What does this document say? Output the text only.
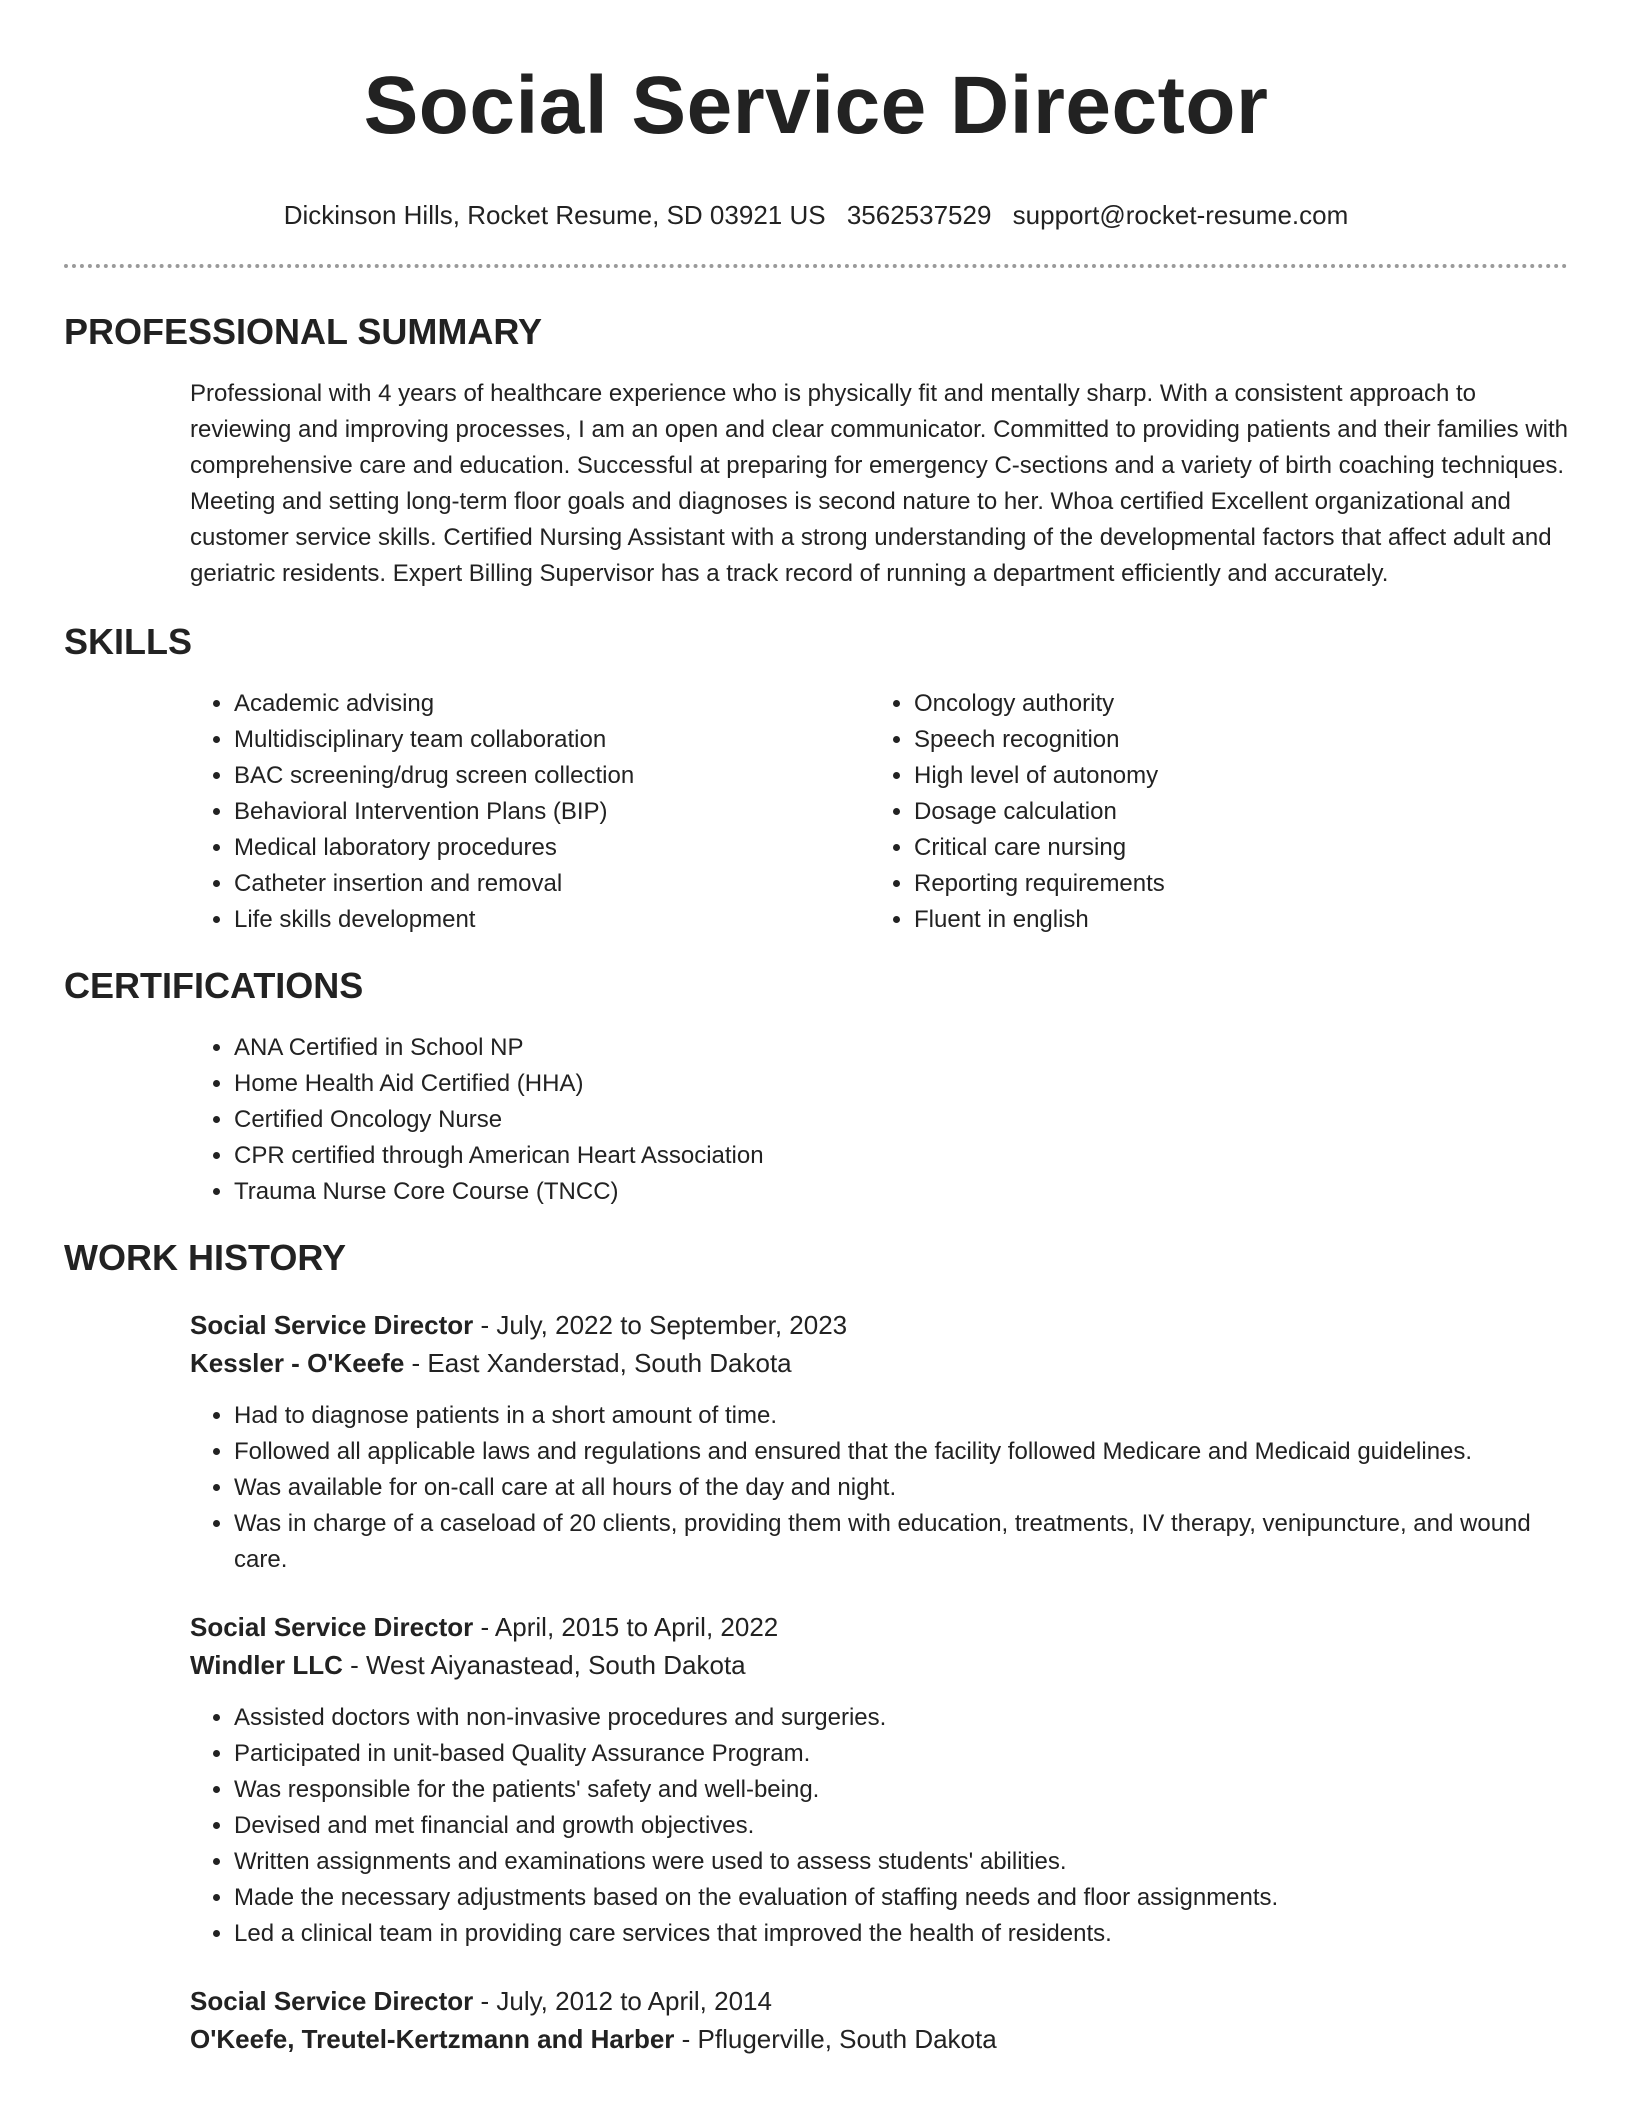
Social Service Director
Dickinson Hills, Rocket Resume, SD 03921 US 3562537529 support@rocket-resume.com
PROFESSIONAL SUMMARY

Professional with 4 years of healthcare experience who is physically fit and mentally sharp. With a consistent approach to reviewing and improving processes, I am an open and clear communicator. Committed to providing patients and their families with comprehensive care and education. Successful at preparing for emergency C-sections and a variety of birth coaching techniques. Meeting and setting long-term floor goals and diagnoses is second nature to her. Whoa certified Excellent organizational and customer service skills. Certified Nursing Assistant with a strong understanding of the developmental factors that affect adult and geriatric residents. Expert Billing Supervisor has a track record of running a department efficiently and accurately.

SKILLS
• Academic advising
• Multidisciplinary team collaboration
• BAC screening/drug screen collection
• Behavioral Intervention Plans (BIP)
• Medical laboratory procedures
• Catheter insertion and removal
• Life skills development
• Oncology authority
• Speech recognition
• High level of autonomy
• Dosage calculation
• Critical care nursing
• Reporting requirements
• Fluent in english
CERTIFICATIONS
• ANA Certified in School NP
• Home Health Aid Certified (HHA)
• Certified Oncology Nurse
• CPR certified through American Heart Association
• Trauma Nurse Core Course (TNCC)
WORK HISTORY
Social Service Director - July, 2022 to September, 2023
Kessler - O'Keefe - East Xanderstad, South Dakota
• Had to diagnose patients in a short amount of time.
• Followed all applicable laws and regulations and ensured that the facility followed Medicare and Medicaid guidelines.
• Was available for on-call care at all hours of the day and night.
• Was in charge of a caseload of 20 clients, providing them with education, treatments, IV therapy, venipuncture, and wound care.
Social Service Director - April, 2015 to April, 2022
Windler LLC - West Aiyanastead, South Dakota
• Assisted doctors with non-invasive procedures and surgeries.
• Participated in unit-based Quality Assurance Program.
• Was responsible for the patients' safety and well-being.
• Devised and met financial and growth objectives.
• Written assignments and examinations were used to assess students' abilities.
• Made the necessary adjustments based on the evaluation of staffing needs and floor assignments.
• Led a clinical team in providing care services that improved the health of residents.
Social Service Director - July, 2012 to April, 2014
O'Keefe, Treutel-Kertzmann and Harber - Pflugerville, South Dakota
